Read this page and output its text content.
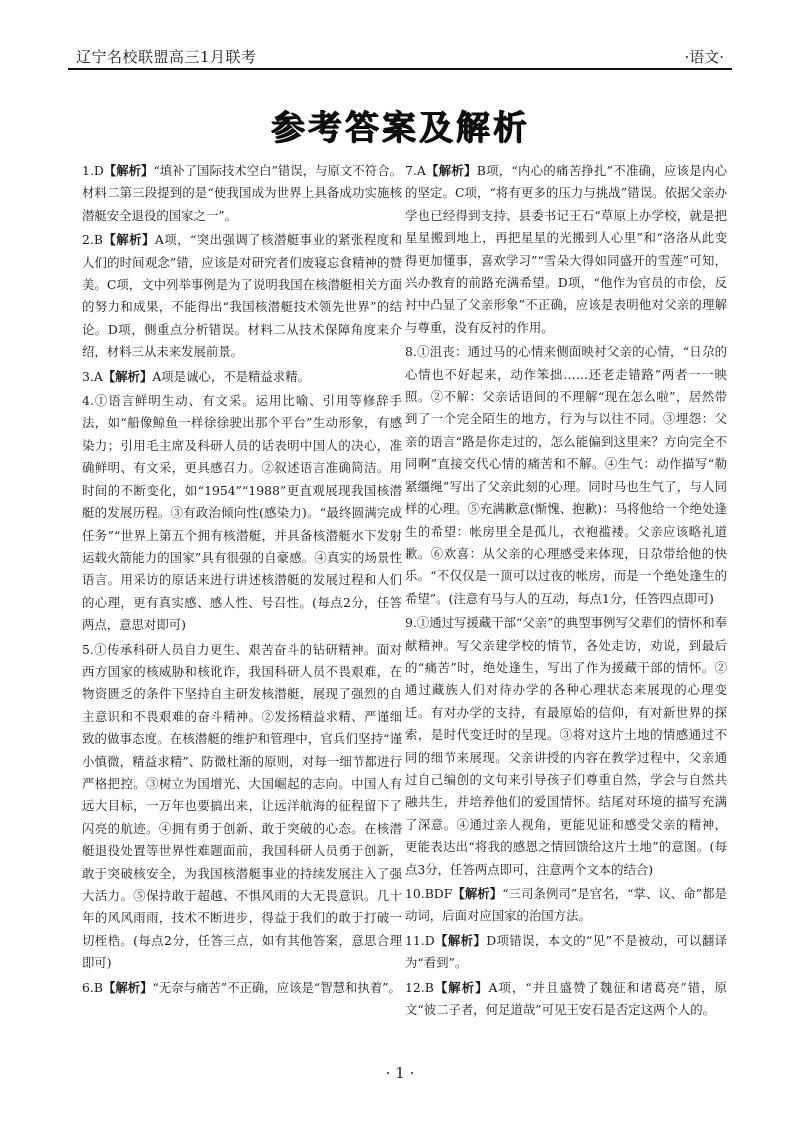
辽宁名校联盟高三1月联考	·语文·
参考答案及解析

1.D【解析】“填补了国际技术空白”错误，与原文不符合。材料二第三段提到的是“使我国成为世界上具备成功实施核潜艇安全退役的国家之一”。

2.B【解析】A项，“突出强调了核潜艇事业的紧张程度和人们的时间观念”错，应该是对研究者们废寝忘食精神的赞美。C项，文中列举事例是为了说明我国在核潜艇相关方面的努力和成果，不能得出“我国核潜艇技术领先世界”的结论。D项，侧重点分析错误。材料二从技术保障角度来介绍，材料三从未来发展前景。

3.A【解析】A项是诚心，不是精益求精。

4.①语言鲜明生动、有文采。运用比喻、引用等修辞手法，如“船像鲸鱼一样徐徐驶出那个平台”生动形象，有感染力；引用毛主席及科研人员的话表明中国人的决心，准确鲜明、有文采，更具感召力。②叙述语言准确简洁。用时间的不断变化，如“1954”“1988”更直观展现我国核潜艇的发展历程。③有政治倾向性(感染力)。“最终圆满完成任务”“世界上第五个拥有核潜艇，并具备核潜艇水下发射运载火箭能力的国家”具有很强的自豪感。④真实的场景性语言。用采访的原话来进行讲述核潜艇的发展过程和人们的心理，更有真实感、感人性、号召性。(每点2分，任答两点，意思对即可)

5.①传承科研人员自力更生、艰苦奋斗的钻研精神。面对西方国家的核威胁和核讹诈，我国科研人员不畏艰难，在物资匮乏的条件下坚持自主研发核潜艇，展现了强烈的自主意识和不畏艰难的奋斗精神。②发扬精益求精、严谨细致的做事态度。在核潜艇的维护和管理中，官兵们坚持“谨小慎微，精益求精”、防微杜渐的原则，对每一细节都进行严格把控。③树立为国增光、大国崛起的志向。中国人有远大目标，一万年也要搞出来，让远洋航海的征程留下了闪亮的航迹。④拥有勇于创新、敢于突破的心态。在核潜艇退役处置等世界性难题面前，我国科研人员勇于创新，敢于突破核安全，为我国核潜艇事业的持续发展注入了强大活力。⑤保持敢于超越、不惧风雨的大无畏意识。几十年的风风雨雨，技术不断进步，得益于我们的敢于打破一切桎梏。(每点2分，任答三点，如有其他答案，意思合理即可)

6.B【解析】“无奈与痛苦”不正确，应该是“智慧和执着”。

7.A【解析】B项，“内心的痛苦挣扎”不准确，应该是内心的坚定。C项，“将有更多的压力与挑战”错误。依据父亲办学也已经得到支持、县委书记王石“草原上办学校，就是把星星搬到地上，再把星星的光搬到人心里”和“洛洛从此变得更加懂事，喜欢学习”“雪朵大得如同盛开的雪莲”可知，兴办教育的前路充满希望。D项，“他作为官员的市侩，反衬中凸显了父亲形象”不正确，应该是表明他对父亲的理解与尊重，没有反衬的作用。

8.①沮丧：通过马的心情来侧面映衬父亲的心情，“日尕的心情也不好起来，动作笨拙……还老走错路”两者一一映照。②不解：父亲话语间的不理解“现在怎么啦”，居然带到了一个完全陌生的地方，行为与以往不同。③埋怨：父亲的语言“路是你走过的，怎么能偏到这里来？方向完全不同啊”直接交代心情的痛苦和不解。④生气：动作描写“勒紧缰绳”写出了父亲此刻的心理。同时马也生气了，与人同样的心理。⑤充满歉意(惭愧、抱歉)：马将他给一个绝处逢生的希望：帐房里全是孤儿，衣袍褴褛。父亲应该略礼道歉。⑥欢喜：从父亲的心理感受来体现，日尕带给他的快乐。“不仅仅是一顶可以过夜的帐房，而是一个绝处逢生的希望”。(注意有马与人的互动，每点1分，任答四点即可)

9.①通过写援藏干部“父亲”的典型事例写父辈们的情怀和奉献精神。写父亲建学校的情节，各处走访，劝说，到最后的“痛苦”时，绝处逢生，写出了作为援藏干部的情怀。②通过藏族人们对待办学的各种心理状态来展现的心理变迁。有对办学的支持，有最原始的信仰，有对新世界的探索，是时代变迁时的呈现。③将对这片土地的情感通过不同的细节来展现。父亲讲授的内容在教学过程中，父亲通过自己编创的文句来引导孩子们尊重自然，学会与自然共融共生，并培养他们的爱国情怀。结尾对环境的描写充满了深意。④通过亲人视角，更能见证和感受父亲的精神，更能表达出“将我的感恩之情回馈给这片土地”的意图。(每点3分，任答两点即可，注意两个文本的结合)

10.BDF【解析】“三司条例司”是官名，“掌、议、命”都是动词，后面对应国家的治国方法。

11.D【解析】D项错误，本文的“见”不是被动，可以翻译为“看到”。

12.B【解析】A项，“并且盛赞了魏征和诸葛亮”错，原文“彼二子者，何足道哉”可见王安石是否定这两个人的。

· 1 ·
